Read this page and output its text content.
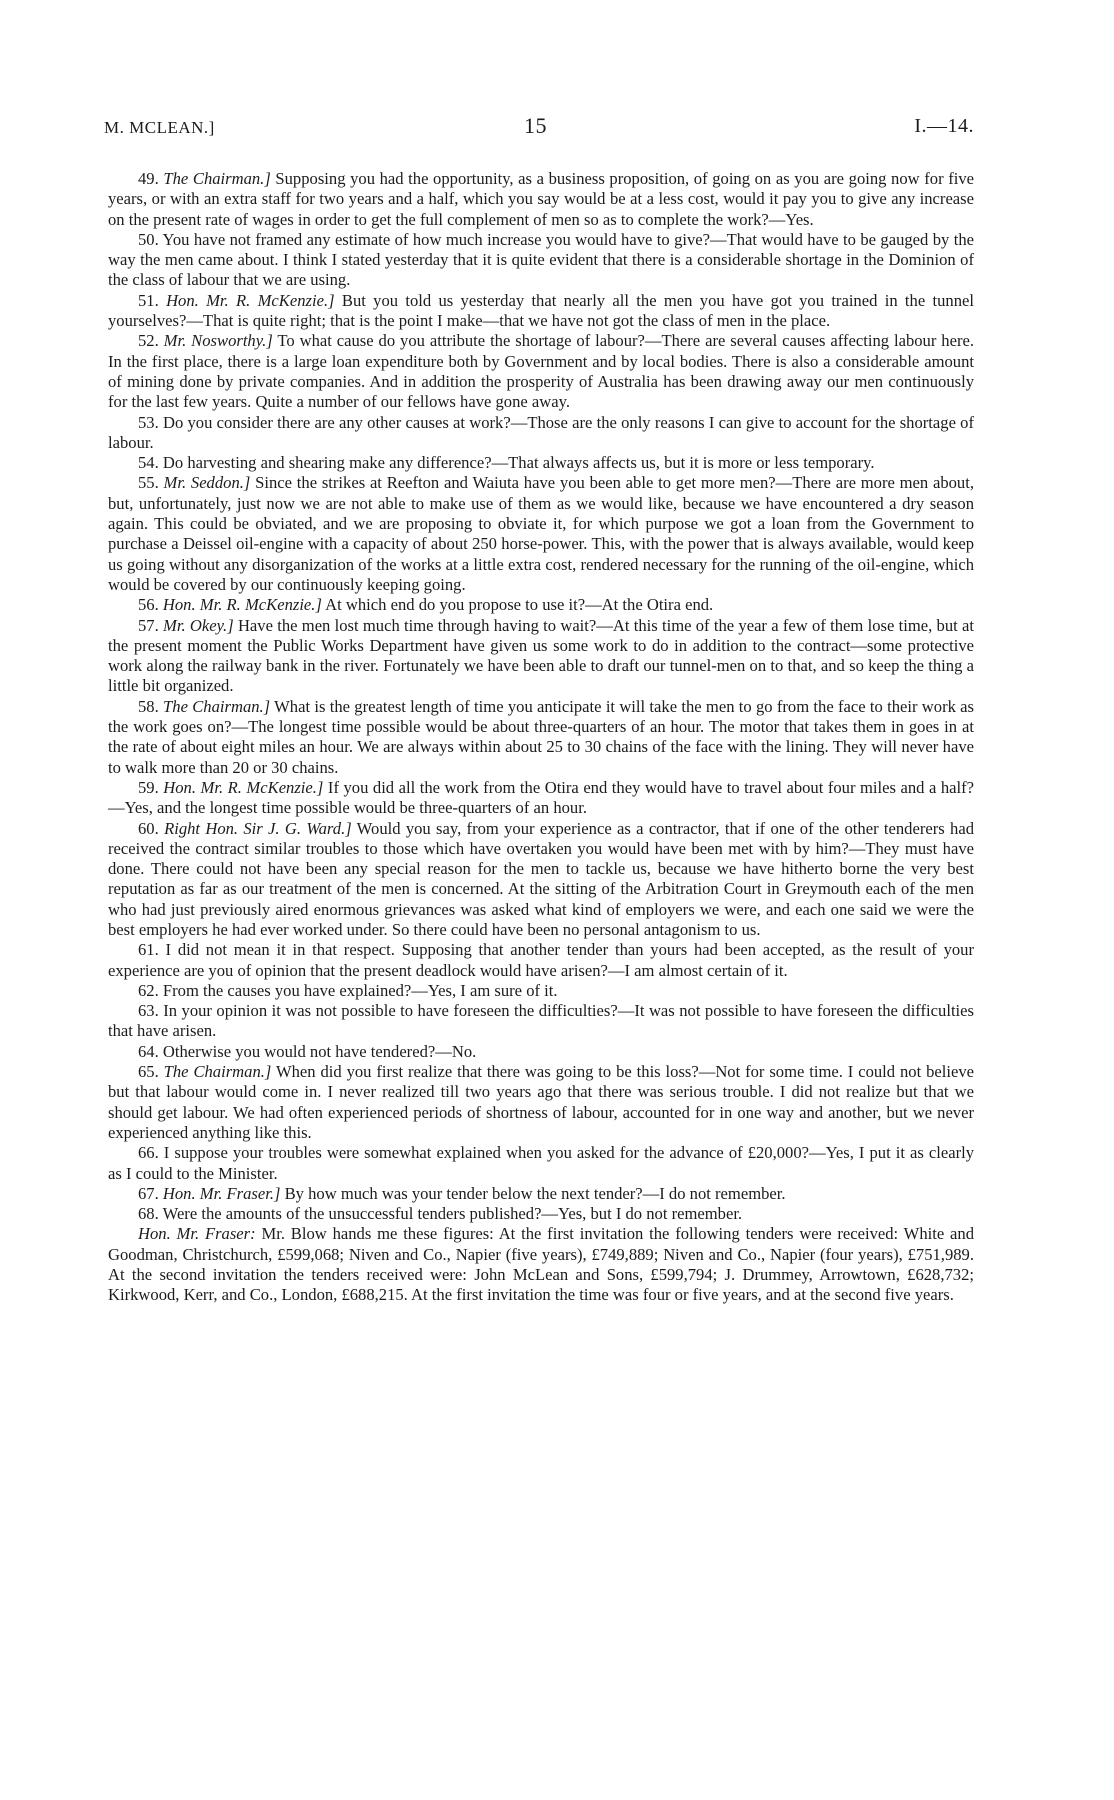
M. MCLEAN.]	15	I.—14.

49. The Chairman.] Supposing you had the opportunity, as a business proposition, of going on as you are going now for five years, or with an extra staff for two years and a half, which you say would be at a less cost, would it pay you to give any increase on the present rate of wages in order to get the full complement of men so as to complete the work?—Yes.

50. You have not framed any estimate of how much increase you would have to give?—That would have to be gauged by the way the men came about. I think I stated yesterday that it is quite evident that there is a considerable shortage in the Dominion of the class of labour that we are using.

51. Hon. Mr. R. McKenzie.] But you told us yesterday that nearly all the men you have got you trained in the tunnel yourselves?—That is quite right; that is the point I make—that we have not got the class of men in the place.

52. Mr. Nosworthy.] To what cause do you attribute the shortage of labour?—There are several causes affecting labour here. In the first place, there is a large loan expenditure both by Government and by local bodies. There is also a considerable amount of mining done by private companies. And in addition the prosperity of Australia has been drawing away our men continuously for the last few years. Quite a number of our fellows have gone away.

53. Do you consider there are any other causes at work?—Those are the only reasons I can give to account for the shortage of labour.

54. Do harvesting and shearing make any difference?—That always affects us, but it is more or less temporary.

55. Mr. Seddon.] Since the strikes at Reefton and Waiuta have you been able to get more men?—There are more men about, but, unfortunately, just now we are not able to make use of them as we would like, because we have encountered a dry season again. This could be obviated, and we are proposing to obviate it, for which purpose we got a loan from the Government to purchase a Deissel oil-engine with a capacity of about 250 horse-power. This, with the power that is always available, would keep us going without any disorganization of the works at a little extra cost, rendered necessary for the running of the oil-engine, which would be covered by our continuously keeping going.

56. Hon. Mr. R. McKenzie.] At which end do you propose to use it?—At the Otira end.

57. Mr. Okey.] Have the men lost much time through having to wait?—At this time of the year a few of them lose time, but at the present moment the Public Works Department have given us some work to do in addition to the contract—some protective work along the railway bank in the river. Fortunately we have been able to draft our tunnel-men on to that, and so keep the thing a little bit organized.

58. The Chairman.] What is the greatest length of time you anticipate it will take the men to go from the face to their work as the work goes on?—The longest time possible would be about three-quarters of an hour. The motor that takes them in goes in at the rate of about eight miles an hour. We are always within about 25 to 30 chains of the face with the lining. They will never have to walk more than 20 or 30 chains.

59. Hon. Mr. R. McKenzie.] If you did all the work from the Otira end they would have to travel about four miles and a half?—Yes, and the longest time possible would be three-quarters of an hour.

60. Right Hon. Sir J. G. Ward.] Would you say, from your experience as a contractor, that if one of the other tenderers had received the contract similar troubles to those which have overtaken you would have been met with by him?—They must have done. There could not have been any special reason for the men to tackle us, because we have hitherto borne the very best reputation as far as our treatment of the men is concerned. At the sitting of the Arbitration Court in Greymouth each of the men who had just previously aired enormous grievances was asked what kind of employers we were, and each one said we were the best employers he had ever worked under. So there could have been no personal antagonism to us.

61. I did not mean it in that respect. Supposing that another tender than yours had been accepted, as the result of your experience are you of opinion that the present deadlock would have arisen?—I am almost certain of it.

62. From the causes you have explained?—Yes, I am sure of it.

63. In your opinion it was not possible to have foreseen the difficulties?—It was not possible to have foreseen the difficulties that have arisen.

64. Otherwise you would not have tendered?—No.

65. The Chairman.] When did you first realize that there was going to be this loss?—Not for some time. I could not believe but that labour would come in. I never realized till two years ago that there was serious trouble. I did not realize but that we should get labour. We had often experienced periods of shortness of labour, accounted for in one way and another, but we never experienced anything like this.

66. I suppose your troubles were somewhat explained when you asked for the advance of £20,000?—Yes, I put it as clearly as I could to the Minister.

67. Hon. Mr. Fraser.] By how much was your tender below the next tender?—I do not remember.

68. Were the amounts of the unsuccessful tenders published?—Yes, but I do not remember.

Hon. Mr. Fraser: Mr. Blow hands me these figures: At the first invitation the following tenders were received: White and Goodman, Christchurch, £599,068; Niven and Co., Napier (five years), £749,889; Niven and Co., Napier (four years), £751,989. At the second invitation the tenders received were: John McLean and Sons, £599,794; J. Drummey, Arrowtown, £628,732; Kirkwood, Kerr, and Co., London, £688,215. At the first invitation the time was four or five years, and at the second five years.
